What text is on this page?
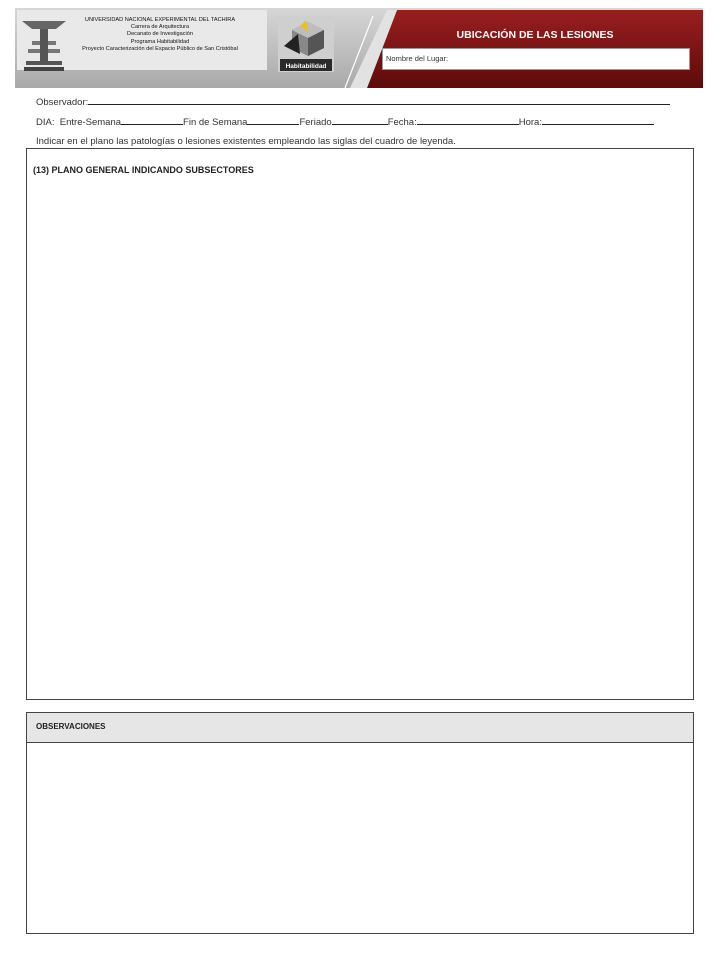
UNIVERSIDAD NACIONAL EXPERIMENTAL DEL TACHIRA
Carrera de Arquitectura
Decanato de Investigación
Programa Habitabilidad
Proyecto Caracterización del Espacio Público de San Cristóbal
Habitabilidad
UBICACIÓN DE LAS LESIONES
Nombre del Lugar:
Observador:
DIA: Entre-Semana	Fin de Semana	Feriado	Fecha:	Hora:
Indicar en el plano las patologías o lesiones existentes empleando las siglas del cuadro de leyenda.
(13) PLANO GENERAL INDICANDO SUBSECTORES
OBSERVACIONES
